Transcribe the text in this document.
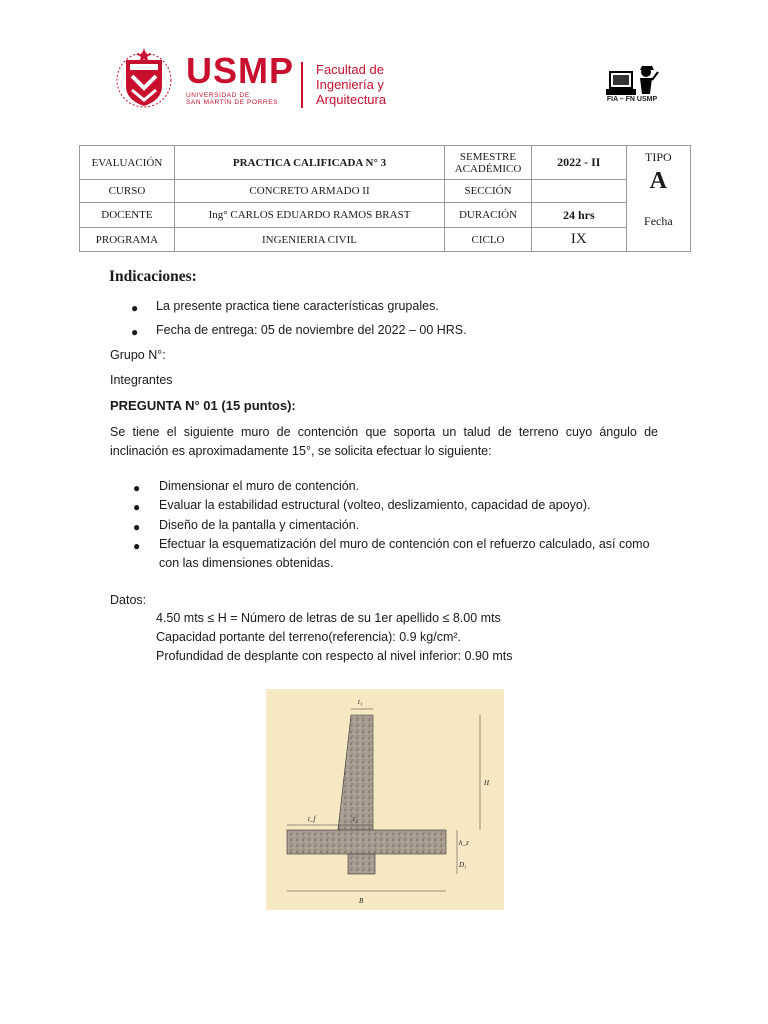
USMP
UNIVERSIDAD DE
SAN MARTÍN DE PORRES
Facultad de
Ingeniería y
Arquitectura	FIA – FN USMP
EVALUACIÓN	PRACTICA CALIFICADA N° 3	SEMESTRE ACADÉMICO	2022 - II	TIPO
A
Fecha

CURSO	CONCRETO ARMADO II	SECCIÓN		
DOCENTE	Ing° CARLOS EDUARDO RAMOS BRAST	DURACIÓN	24 hrs	
PROGRAMA	INGENIERIA CIVIL	CICLO	IX	
Indicaciones:
● La presente practica tiene características grupales.
● Fecha de entrega: 05 de noviembre del 2022 – 00 HRS.
Grupo N°:
Integrantes
PREGUNTA N° 01 (15 puntos):
Se tiene el siguiente muro de contención que soporta un talud de terreno cuyo ángulo de inclinación es aproximadamente 15°, se solicita efectuar lo siguiente:
● Dimensionar el muro de contención.
● Evaluar la estabilidad estructural (volteo, deslizamiento, capacidad de apoyo).
● Diseño de la pantalla y cimentación.
● Efectuar la esquematización del muro de contención con el refuerzo calculado, así como
con las dimensiones obtenidas.
Datos:
4.50 mts ≤ H = Número de letras de su 1er apellido ≤ 8.00 mts
Capacidad portante del terreno(referencia): 0.9 kg/cm².
Profundidad de desplante con respecto al nivel inferior: 0.90 mts
t₁
H
t_f	t₂
h_z
D₁
B
